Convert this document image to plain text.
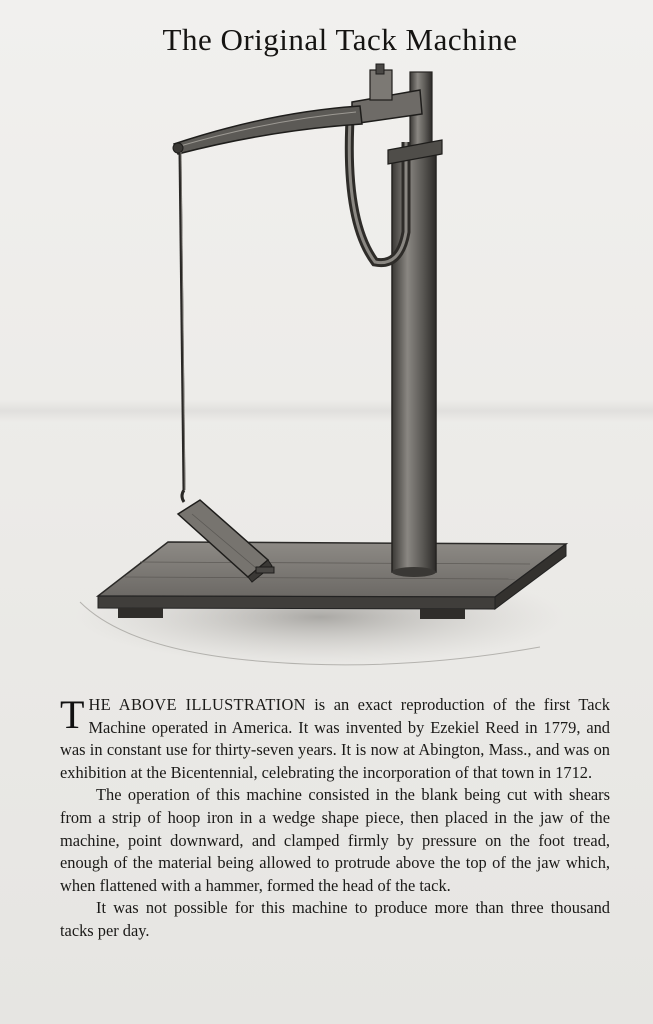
The Original Tack Machine

THE ABOVE ILLUSTRATION is an exact reproduction of the first Tack Machine operated in America. It was invented by Ezekiel Reed in 1779, and was in constant use for thirty-seven years. It is now at Abington, Mass., and was on exhibition at the Bicentennial, celebrating the incorporation of that town in 1712.

The operation of this machine consisted in the blank being cut with shears from a strip of hoop iron in a wedge shape piece, then placed in the jaw of the machine, point downward, and clamped firmly by pressure on the foot tread, enough of the material being allowed to protrude above the top of the jaw which, when flattened with a hammer, formed the head of the tack.

It was not possible for this machine to produce more than three thousand tacks per day.
